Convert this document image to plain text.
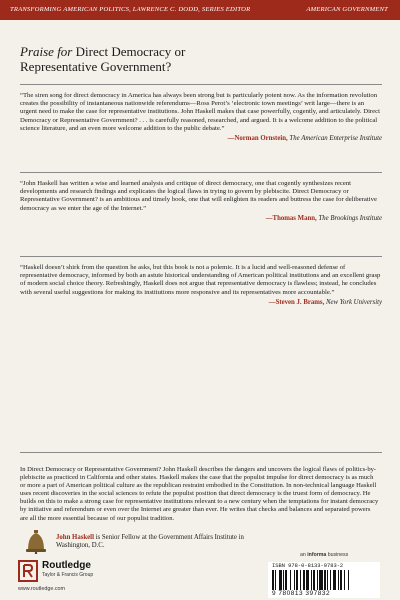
TRANSFORMING AMERICAN POLITICS, LAWRENCE C. DODD, SERIES EDITOR	AMERICAN GOVERNMENT
Praise for Direct Democracy or
Representative Government?

“The siren song for direct democracy in America has always been strong but is particularly potent now. As the information revolution creates the possibility of instantaneous nationwide referendums—Ross Perot’s ‘electronic town meetings’ writ large—there is an urgent need to make the case for representative institutions. John Haskell makes that case powerfully, cogently, and articulately. Direct Democracy or Representative Government? . . . is carefully reasoned, researched, and argued. It is a welcome addition to the political science literature, and an even more welcome addition to the public debate.”

—Norman Ornstein, The American Enterprise Institute

“John Haskell has written a wise and learned analysis and critique of direct democracy, one that cogently synthesizes recent developments and research findings and explicates the logical flaws in trying to govern by plebiscite. Direct Democracy or Representative Government? is an ambitious and timely book, one that will enlighten its readers and buttress the case for deliberative democracy as we enter the age of the Internet.”

—Thomas Mann, The Brookings Institute

“Haskell doesn’t shirk from the question he asks, but this book is not a polemic. It is a lucid and well-reasoned defense of representative democracy, informed by both an astute historical understanding of American political institutions and an excellent grasp of modern social choice theory. Refreshingly, Haskell does not argue that representative democracy is flawless; instead, he concludes with several useful suggestions for making its institutions more responsive and its representatives more accountable.”

—Steven J. Brams, New York University

In Direct Democracy or Representative Government? John Haskell describes the dangers and uncovers the logical flaws of politics-by-plebiscite as practiced in California and other states. Haskell makes the case that the populist impulse for direct democracy is as much or more a part of American political culture as the republican restraint embodied in the Constitution. In non-technical language Haskell uses recent discoveries in the social sciences to refute the populist position that direct democracy is the truest form of democracy. He builds on this to make a strong case for representative institutions relevant to a new century when the temptations for instant democracy by initiative and referendum or even over the Internet are greater than ever. He writes that checks and balances and separated powers are all the more essential because of our populist tradition.

John Haskell is Senior Fellow at the Government Affairs Institute in Washington, D.C.
Routledge
Taylor & Francis Group
www.routledge.com
an informa business
ISBN 978-0-8133-9783-2
9 780813 397832
